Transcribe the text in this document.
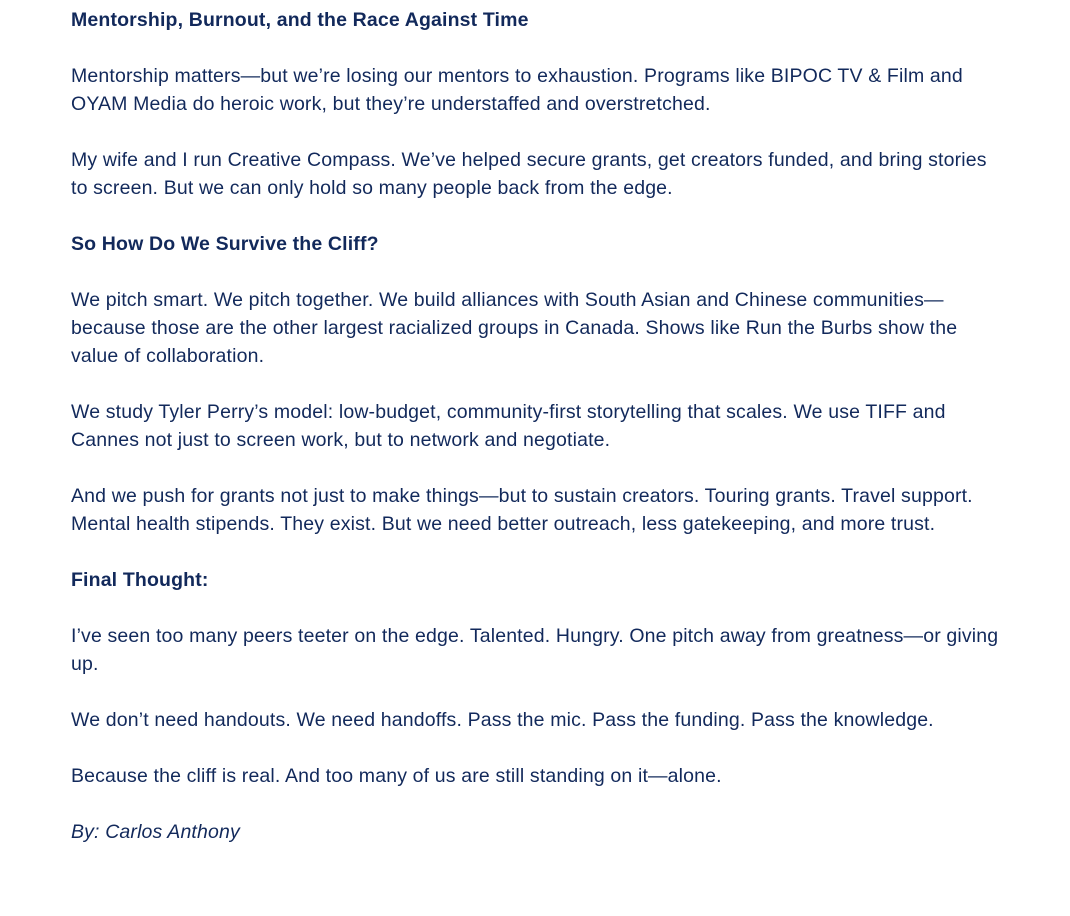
Mentorship, Burnout, and the Race Against Time

Mentorship matters—but we’re losing our mentors to exhaustion. Programs like BIPOC TV & Film and OYAM Media do heroic work, but they’re understaffed and overstretched.

My wife and I run Creative Compass. We’ve helped secure grants, get creators funded, and bring stories to screen. But we can only hold so many people back from the edge.

So How Do We Survive the Cliff?

We pitch smart. We pitch together. We build alliances with South Asian and Chinese communities—because those are the other largest racialized groups in Canada. Shows like Run the Burbs show the value of collaboration.

We study Tyler Perry’s model: low-budget, community-first storytelling that scales. We use TIFF and Cannes not just to screen work, but to network and negotiate.

And we push for grants not just to make things—but to sustain creators. Touring grants. Travel support. Mental health stipends. They exist. But we need better outreach, less gatekeeping, and more trust.

Final Thought:

I’ve seen too many peers teeter on the edge. Talented. Hungry. One pitch away from greatness—or giving up.

We don’t need handouts. We need handoffs. Pass the mic. Pass the funding. Pass the knowledge.

Because the cliff is real. And too many of us are still standing on it—alone.

By: Carlos Anthony
